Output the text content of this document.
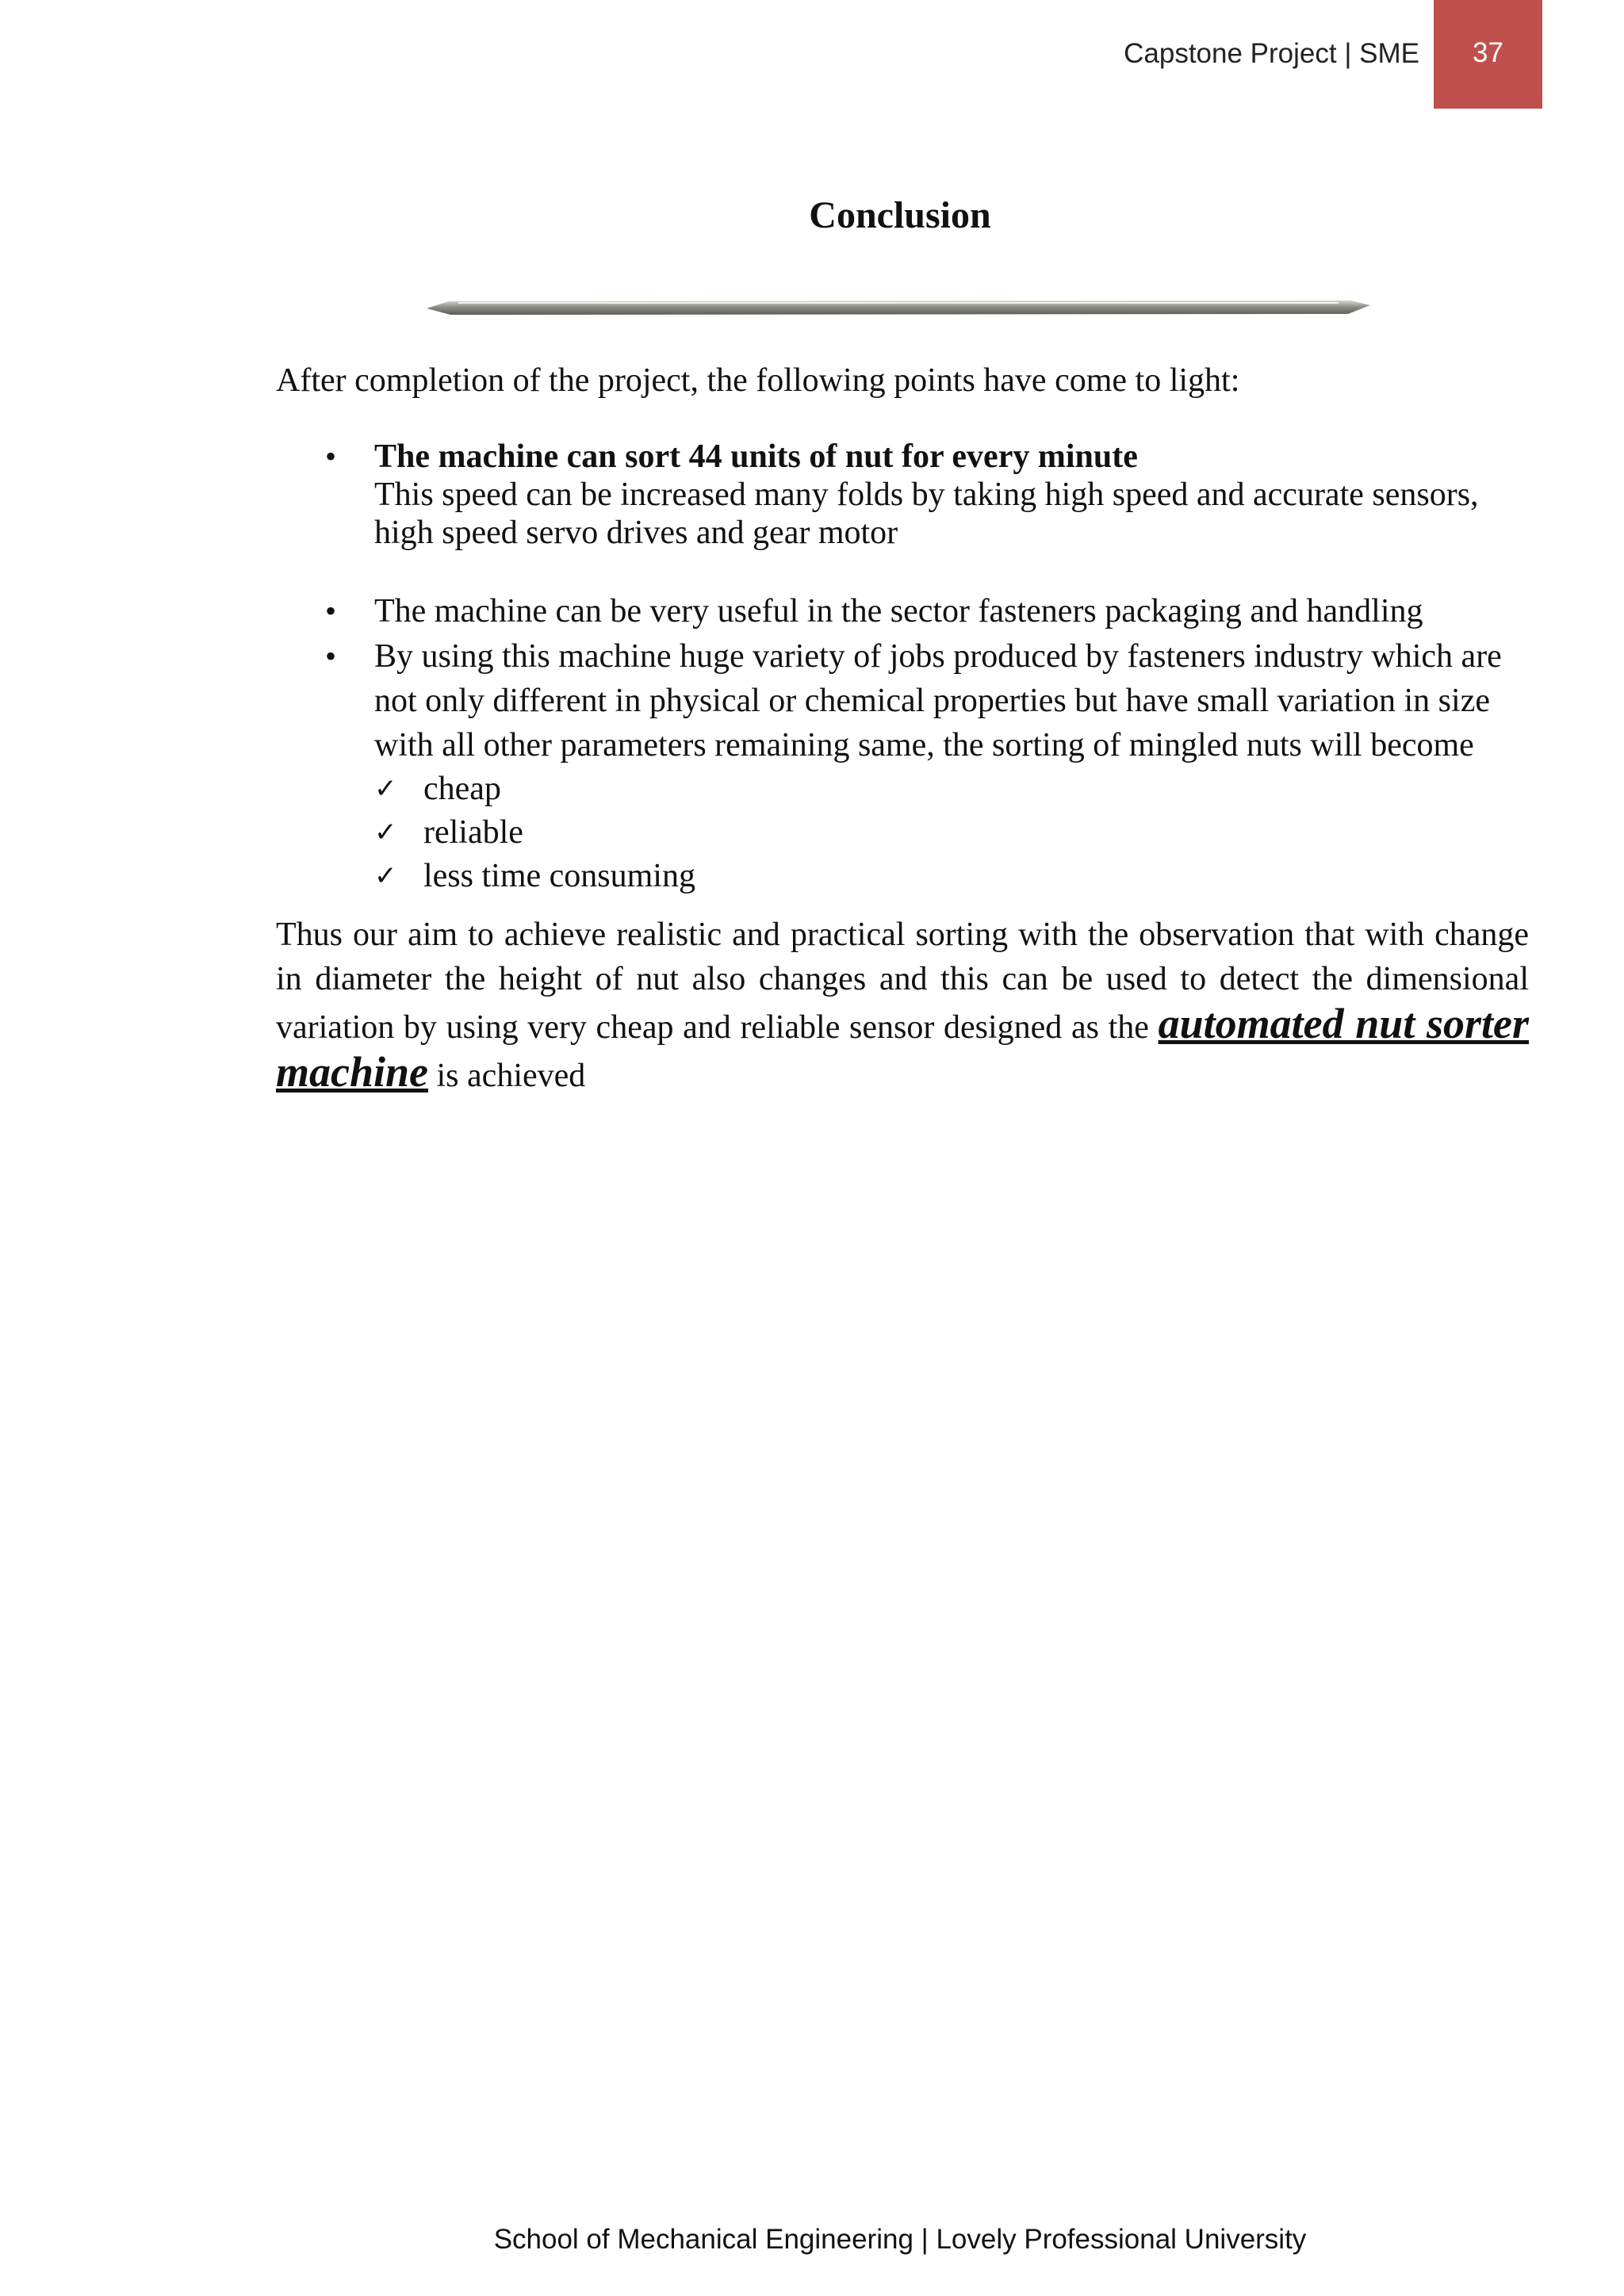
Capstone Project | SME 37
Conclusion

After completion of the project, the following points have come to light:

• The machine can sort 44 units of nut for every minute
This speed can be increased many folds by taking high speed and accurate sensors, high speed servo drives and gear motor
• The machine can be very useful in the sector fasteners packaging and handling
• By using this machine huge variety of jobs produced by fasteners industry which are not only different in physical or chemical properties but have small variation in size with all other parameters remaining same, the sorting of mingled nuts will become
✓ cheap
✓ reliable
✓ less time consuming

Thus our aim to achieve realistic and practical sorting with the observation that with change in diameter the height of nut also changes and this can be used to detect the dimensional variation by using very cheap and reliable sensor designed as the automated nut sorter machine is achieved

School of Mechanical Engineering | Lovely Professional University
